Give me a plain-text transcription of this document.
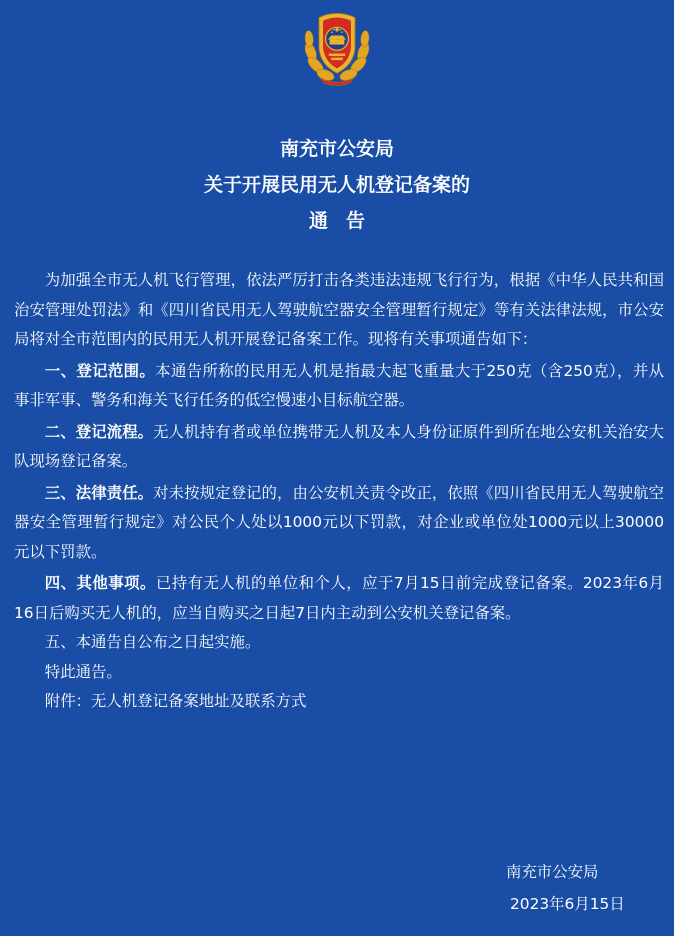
南充市公安局
关于开展民用无人机登记备案的
通告

为加强全市无人机飞行管理，依法严厉打击各类违法违规飞行行为，根据《中华人民共和国治安管理处罚法》和《四川省民用无人驾驶航空器安全管理暂行规定》等有关法律法规，市公安局将对全市范围内的民用无人机开展登记备案工作。现将有关事项通告如下：

一、登记范围。本通告所称的民用无人机是指最大起飞重量大于250克（含250克），并从事非军事、警务和海关飞行任务的低空慢速小目标航空器。

二、登记流程。无人机持有者或单位携带无人机及本人身份证原件到所在地公安机关治安大队现场登记备案。

三、法律责任。对未按规定登记的，由公安机关责令改正，依照《四川省民用无人驾驶航空器安全管理暂行规定》对公民个人处以1000元以下罚款，对企业或单位处1000元以上30000元以下罚款。

四、其他事项。已持有无人机的单位和个人，应于7月15日前完成登记备案。2023年6月16日后购买无人机的，应当自购买之日起7日内主动到公安机关登记备案。

五、本通告自公布之日起实施。

特此通告。

附件：无人机登记备案地址及联系方式

南充市公安局
2023年6月15日
